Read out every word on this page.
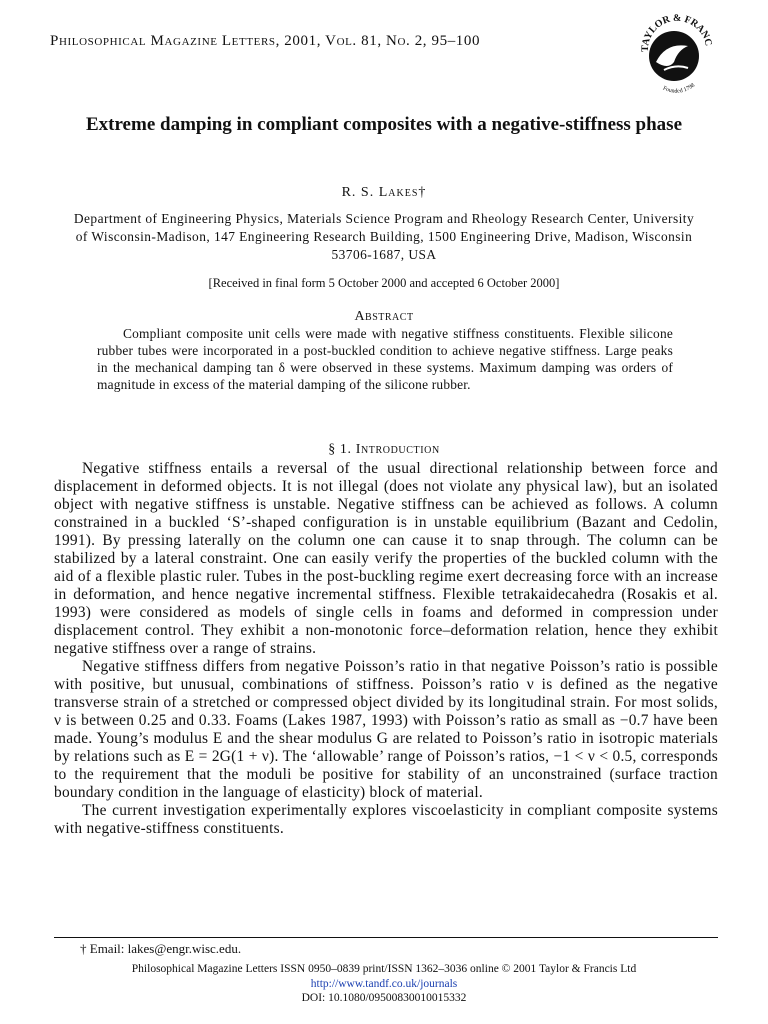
Philosophical Magazine Letters, 2001, Vol. 81, No. 2, 95–100	TAYLOR & FRANC
Founded 1798
Extreme damping in compliant composites with a negative-stiffness phase
R. S. Lakes†
Department of Engineering Physics, Materials Science Program and Rheology Research Center, University of Wisconsin-Madison, 147 Engineering Research Building, 1500 Engineering Drive, Madison, Wisconsin 53706-1687, USA
[Received in final form 5 October 2000 and accepted 6 October 2000]
Abstract

Compliant composite unit cells were made with negative stiffness constituents. Flexible silicone rubber tubes were incorporated in a post-buckled condition to achieve negative stiffness. Large peaks in the mechanical damping tan δ were observed in these systems. Maximum damping was orders of magnitude in excess of the material damping of the silicone rubber.

§ 1. Introduction

Negative stiffness entails a reversal of the usual directional relationship between force and displacement in deformed objects. It is not illegal (does not violate any physical law), but an isolated object with negative stiffness is unstable. Negative stiffness can be achieved as follows. A column constrained in a buckled ‘S’-shaped configuration is in unstable equilibrium (Bazant and Cedolin, 1991). By pressing laterally on the column one can cause it to snap through. The column can be stabilized by a lateral constraint. One can easily verify the properties of the buckled column with the aid of a flexible plastic ruler. Tubes in the post-buckling regime exert decreasing force with an increase in deformation, and hence negative incremental stiffness. Flexible tetrakaidecahedra (Rosakis et al. 1993) were considered as models of single cells in foams and deformed in compression under displacement control. They exhibit a non-monotonic force–deformation relation, hence they exhibit negative stiffness over a range of strains.

Negative stiffness differs from negative Poisson’s ratio in that negative Poisson’s ratio is possible with positive, but unusual, combinations of stiffness. Poisson’s ratio ν is defined as the negative transverse strain of a stretched or compressed object divided by its longitudinal strain. For most solids, ν is between 0.25 and 0.33. Foams (Lakes 1987, 1993) with Poisson’s ratio as small as −0.7 have been made. Young’s modulus E and the shear modulus G are related to Poisson’s ratio in isotropic materials by relations such as E = 2G(1 + ν). The ‘allowable’ range of Poisson’s ratios, −1 < ν < 0.5, corresponds to the requirement that the moduli be positive for stability of an unconstrained (surface traction boundary condition in the language of elasticity) block of material.

The current investigation experimentally explores viscoelasticity in compliant composite systems with negative-stiffness constituents.

† Email: lakes@engr.wisc.edu.
Philosophical Magazine Letters ISSN 0950–0839 print/ISSN 1362–3036 online © 2001 Taylor & Francis Ltd
http://www.tandf.co.uk/journals
DOI: 10.1080/09500830010015332
